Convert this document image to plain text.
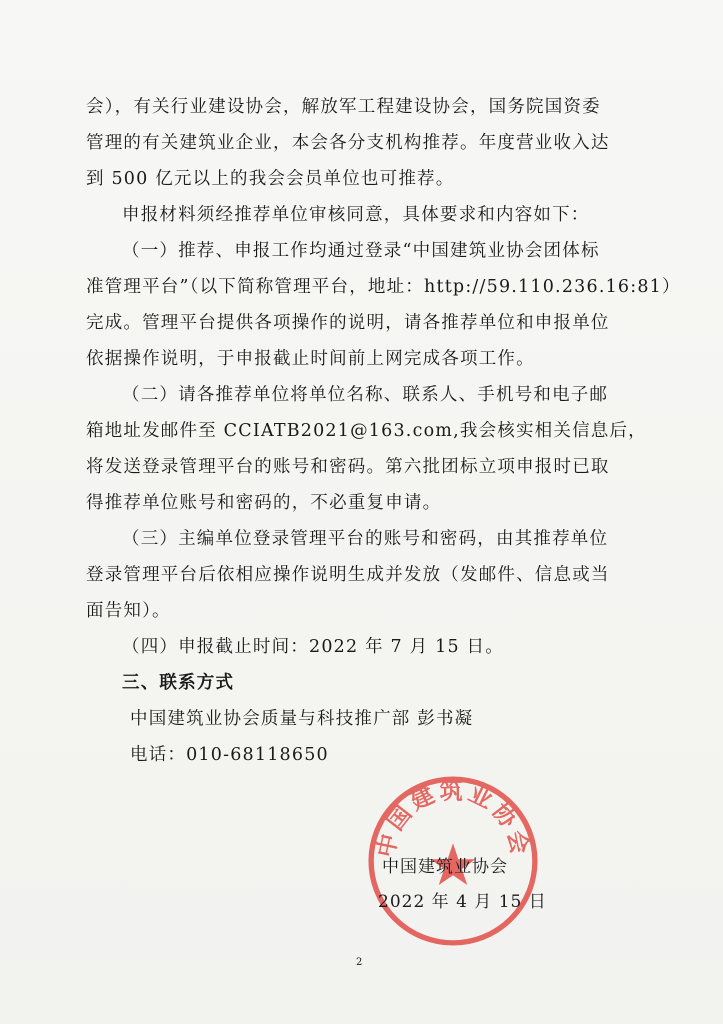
会），有关行业建设协会，解放军工程建设协会，国务院国资委
管理的有关建筑业企业，本会各分支机构推荐。年度营业收入达
到 500 亿元以上的我会会员单位也可推荐。
申报材料须经推荐单位审核同意，具体要求和内容如下：
（一）推荐、申报工作均通过登录“中国建筑业协会团体标
准管理平台”（以下简称管理平台，地址：http://59.110.236.16:81）
完成。管理平台提供各项操作的说明，请各推荐单位和申报单位
依据操作说明，于申报截止时间前上网完成各项工作。
（二）请各推荐单位将单位名称、联系人、手机号和电子邮
箱地址发邮件至 CCIATB2021@163.com,我会核实相关信息后，
将发送登录管理平台的账号和密码。第六批团标立项申报时已取
得推荐单位账号和密码的，不必重复申请。
（三）主编单位登录管理平台的账号和密码，由其推荐单位
登录管理平台后依相应操作说明生成并发放（发邮件、信息或当
面告知）。
（四）申报截止时间：2022 年 7 月 15 日。
三、联系方式
中国建筑业协会质量与科技推广部 彭书凝
电话：010-68118650
中国建筑业协会
中国建筑业协会
2022 年 4 月 15 日
2
